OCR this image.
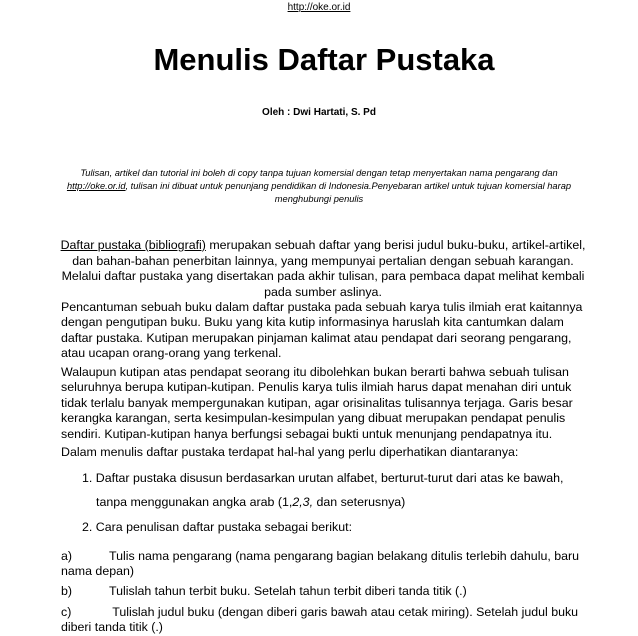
http://oke.or.id
Menulis Daftar Pustaka
Oleh : Dwi Hartati, S. Pd
Tulisan, artikel dan tutorial ini boleh di copy tanpa tujuan komersial dengan tetap menyertakan nama pengarang dan http://oke.or.id, tulisan ini dibuat untuk penunjang pendidikan di Indonesia.Penyebaran artikel untuk tujuan komersial harap menghubungi penulis
Daftar pustaka (bibliografi) merupakan sebuah daftar yang berisi judul buku-buku, artikel-artikel, dan bahan-bahan penerbitan lainnya, yang mempunyai pertalian dengan sebuah karangan. Melalui daftar pustaka yang disertakan pada akhir tulisan, para pembaca dapat melihat kembali pada sumber aslinya.
Pencantuman sebuah buku dalam daftar pustaka pada sebuah karya tulis ilmiah erat kaitannya dengan pengutipan buku. Buku yang kita kutip informasinya haruslah kita cantumkan dalam daftar pustaka. Kutipan merupakan pinjaman kalimat atau pendapat dari seorang pengarang, atau ucapan orang-orang yang terkenal.
Walaupun kutipan atas pendapat seorang itu dibolehkan bukan berarti bahwa sebuah tulisan seluruhnya berupa kutipan-kutipan. Penulis karya tulis ilmiah harus dapat menahan diri untuk tidak terlalu banyak mempergunakan kutipan, agar orisinalitas tulisannya terjaga. Garis besar kerangka karangan, serta kesimpulan-kesimpulan yang dibuat merupakan pendapat penulis sendiri. Kutipan-kutipan hanya berfungsi sebagai bukti untuk menunjang pendapatnya itu.
Dalam menulis daftar pustaka terdapat hal-hal yang perlu diperhatikan diantaranya:
1. Daftar pustaka disusun berdasarkan urutan alfabet, berturut-turut dari atas ke bawah,
tanpa menggunakan angka arab (1,2,3, dan seterusnya)
2. Cara penulisan daftar pustaka sebagai berikut:
a)	Tulis nama pengarang (nama pengarang bagian belakang ditulis terlebih dahulu, baru nama depan)
b)	Tulislah tahun terbit buku. Setelah tahun terbit diberi tanda titik (.)
c)	Tulislah judul buku (dengan diberi garis bawah atau cetak miring). Setelah judul buku diberi tanda titik (.)
